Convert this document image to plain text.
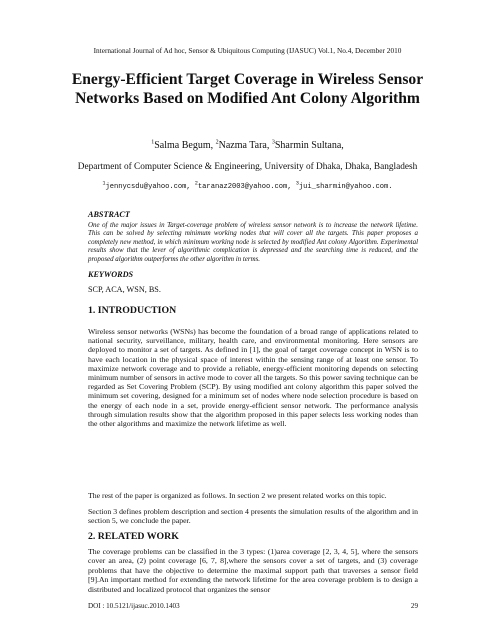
International Journal of Ad hoc, Sensor & Ubiquitous Computing (IJASUC) Vol.1, No.4, December 2010

Energy-Efficient Target Coverage in Wireless Sensor Networks Based on Modified Ant Colony Algorithm

$^1$Salma Begum, $^2$Nazma Tara, $^3$Sharmin Sultana,

Department of Computer Science & Engineering, University of Dhaka, Dhaka, Bangladesh

$^1$jennycsdu@yahoo.com, $^2$taranaz2003@yahoo.com, $^3$jui_sharmin@yahoo.com.

ABSTRACT

One of the major issues in Target-coverage problem of wireless sensor network is to increase the network lifetime. This can be solved by selecting minimum working nodes that will cover all the targets. This paper proposes a completely new method, in which minimum working node is selected by modified Ant colony Algorithm. Experimental results show that the lever of algorithmic complication is depressed and the searching time is reduced, and the proposed algorithm outperforms the other algorithm in terms.

KEYWORDS

SCP, ACA, WSN, BS.

1. INTRODUCTION

Wireless sensor networks (WSNs) has become the foundation of a broad range of applications related to national security, surveillance, military, health care, and environmental monitoring. Here sensors are deployed to monitor a set of targets. As defined in [1], the goal of target coverage concept in WSN is to have each location in the physical space of interest within the sensing range of at least one sensor. To maximize network coverage and to provide a reliable, energy-efficient monitoring depends on selecting minimum number of sensors in active mode to cover all the targets. So this power saving technique can be regarded as Set Covering Problem (SCP). By using modified ant colony algorithm this paper solved the minimum set covering, designed for a minimum set of nodes where node selection procedure is based on the energy of each node in a set, provide energy-efficient sensor network. The performance analysis through simulation results show that the algorithm proposed in this paper selects less working nodes than the other algorithms and maximize the network lifetime as well.

The rest of the paper is organized as follows. In section 2 we present related works on this topic.

Section 3 defines problem description and section 4 presents the simulation results of the algorithm and in section 5, we conclude the paper.

2. RELATED WORK

The coverage problems can be classified in the 3 types: (1)area coverage [2, 3, 4, 5], where the sensors cover an area, (2) point coverage [6, 7, 8],where the sensors cover a set of targets, and (3) coverage problems that have the objective to determine the maximal support path that traverses a sensor field [9].An important method for extending the network lifetime for the area coverage problem is to design a distributed and localized protocol that organizes the sensor

DOI : 10.5121/ijasuc.2010.1403	29
